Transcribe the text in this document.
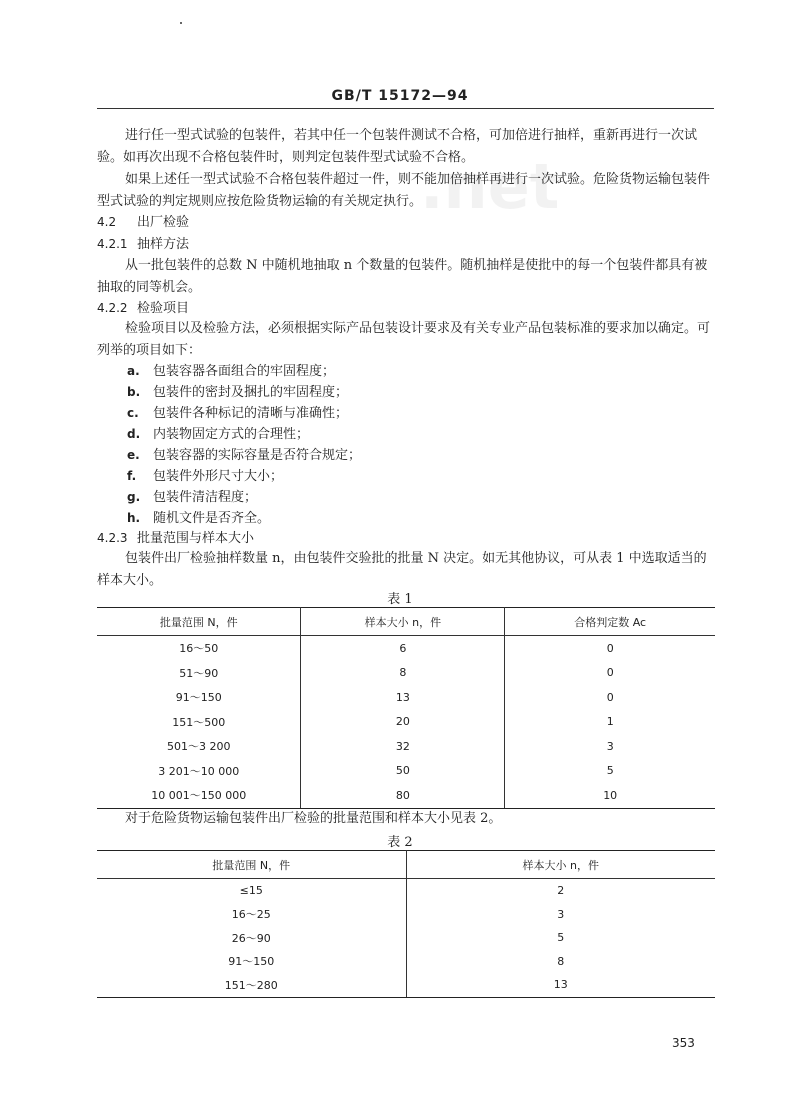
.net
GB/T 15172—94
进行任一型式试验的包装件，若其中任一个包装件测试不合格，可加倍进行抽样，重新再进行一次试验。如再次出现不合格包装件时，则判定包装件型式试验不合格。
如果上述任一型式试验不合格包装件超过一件，则不能加倍抽样再进行一次试验。危险货物运输包装件型式试验的判定规则应按危险货物运输的有关规定执行。
4.2 出厂检验
4.2.1 抽样方法
从一批包装件的总数 N 中随机地抽取 n 个数量的包装件。随机抽样是使批中的每一个包装件都具有被抽取的同等机会。
4.2.2 检验项目
检验项目以及检验方法，必须根据实际产品包装设计要求及有关专业产品包装标准的要求加以确定。可列举的项目如下：
a. 包装容器各面组合的牢固程度；
b. 包装件的密封及捆扎的牢固程度；
c. 包装件各种标记的清晰与准确性；
d. 内装物固定方式的合理性；
e. 包装容器的实际容量是否符合规定；
f. 包装件外形尺寸大小；
g. 包装件清洁程度；
h. 随机文件是否齐全。
4.2.3 批量范围与样本大小
包装件出厂检验抽样数量 n，由包装件交验批的批量 N 决定。如无其他协议，可从表 1 中选取适当的样本大小。
表 1
批量范围 N，件	样本大小 n，件	合格判定数 Ac
16～50	6	0
51～90	8	0
91～150	13	0
151～500	20	1
501～3 200	32	3
3 201～10 000	50	5
10 001～150 000	80	10
对于危险货物运输包装件出厂检验的批量范围和样本大小见表 2。
表 2
批量范围 N，件	样本大小 n，件
≤15	2
16～25	3
26～90	5
91～150	8
151～280	13
353
